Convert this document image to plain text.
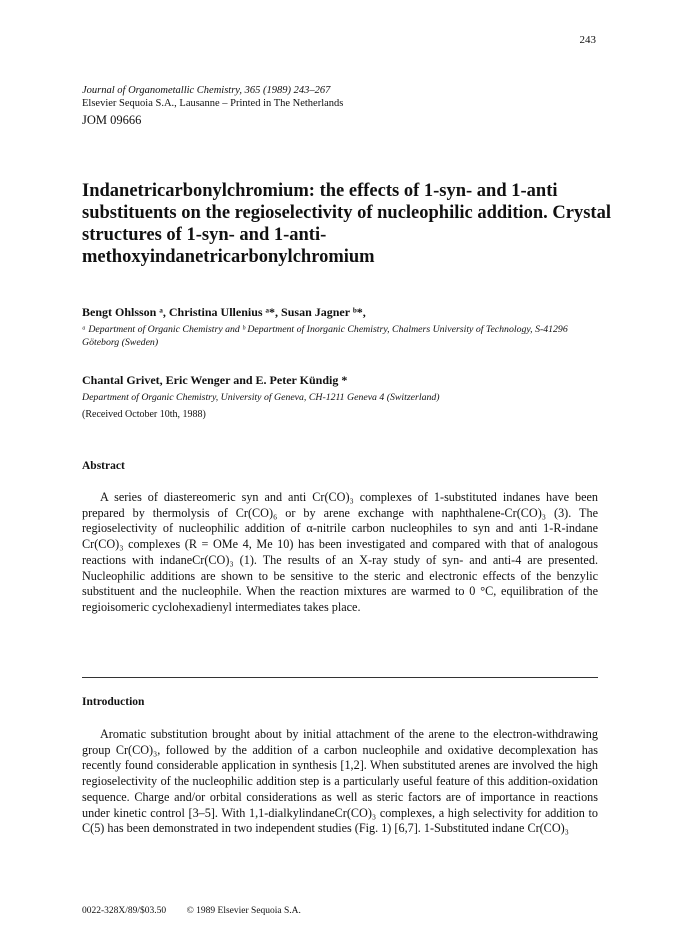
243
Journal of Organometallic Chemistry, 365 (1989) 243–267
Elsevier Sequoia S.A., Lausanne – Printed in The Netherlands
JOM 09666
Indanetricarbonylchromium: the effects of 1-syn- and 1-anti substituents on the regioselectivity of nucleophilic addition. Crystal structures of 1-syn- and 1-anti-methoxyindanetricarbonylchromium
Bengt Ohlsson ᵃ, Christina Ullenius ᵃ*, Susan Jagner ᵇ*,
ᵃ Department of Organic Chemistry and ᵇ Department of Inorganic Chemistry, Chalmers University of Technology, S-41296 Göteborg (Sweden)
Chantal Grivet, Eric Wenger and E. Peter Kündig *
Department of Organic Chemistry, University of Geneva, CH-1211 Geneva 4 (Switzerland)
(Received October 10th, 1988)
Abstract
A series of diastereomeric syn and anti Cr(CO)₃ complexes of 1-substituted indanes have been prepared by thermolysis of Cr(CO)₆ or by arene exchange with naphthalene-Cr(CO)₃ (3). The regioselectivity of nucleophilic addition of α-nitrile carbon nucleophiles to syn and anti 1-R-indane Cr(CO)₃ complexes (R = OMe 4, Me 10) has been investigated and compared with that of analogous reactions with indaneCr(CO)₃ (1). The results of an X-ray study of syn- and anti-4 are presented. Nucleophilic additions are shown to be sensitive to the steric and electronic effects of the benzylic substituent and the nucleophile. When the reaction mixtures are warmed to 0 °C, equilibration of the regioisomeric cyclohexadienyl intermediates takes place.
Introduction
Aromatic substitution brought about by initial attachment of the arene to the electron-withdrawing group Cr(CO)₃, followed by the addition of a carbon nucleophile and oxidative decomplexation has recently found considerable application in synthesis [1,2]. When substituted arenes are involved the high regioselectivity of the nucleophilic addition step is a particularly useful feature of this addition-oxidation sequence. Charge and/or orbital considerations as well as steric factors are of importance in reactions under kinetic control [3–5]. With 1,1-dialkylindaneCr(CO)₃ complexes, a high selectivity for addition to C(5) has been demonstrated in two independent studies (Fig. 1) [6,7]. 1-Substituted indane Cr(CO)₃
0022-328X/89/$03.50 © 1989 Elsevier Sequoia S.A.
